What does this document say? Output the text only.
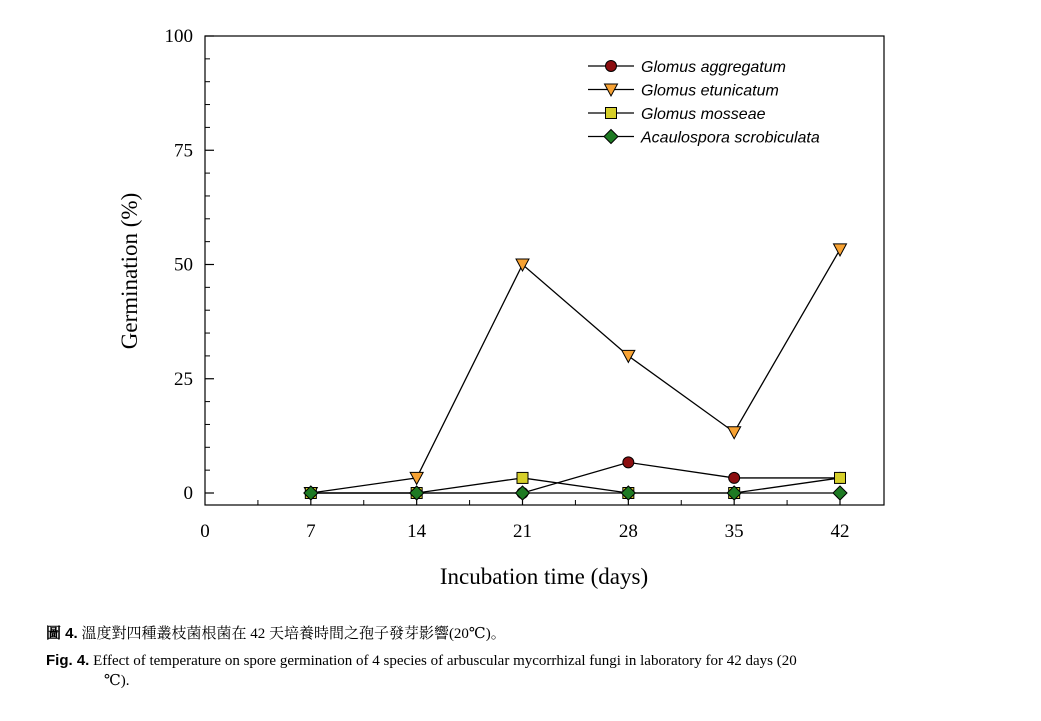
0	7	14	21	28	35	42
0
25
50
75
100
Glomus aggregatum
Glomus etunicatum
Glomus mosseae
Acaulospora scrobiculata
Incubation time (days)
Germination (%)
圖 4. 溫度對四種叢枝菌根菌在 42 天培養時間之孢子發芽影響(20℃)。
Fig. 4. Effect of temperature on spore germination of 4 species of arbuscular mycorrhizal fungi in laboratory for 42 days (20
℃).
